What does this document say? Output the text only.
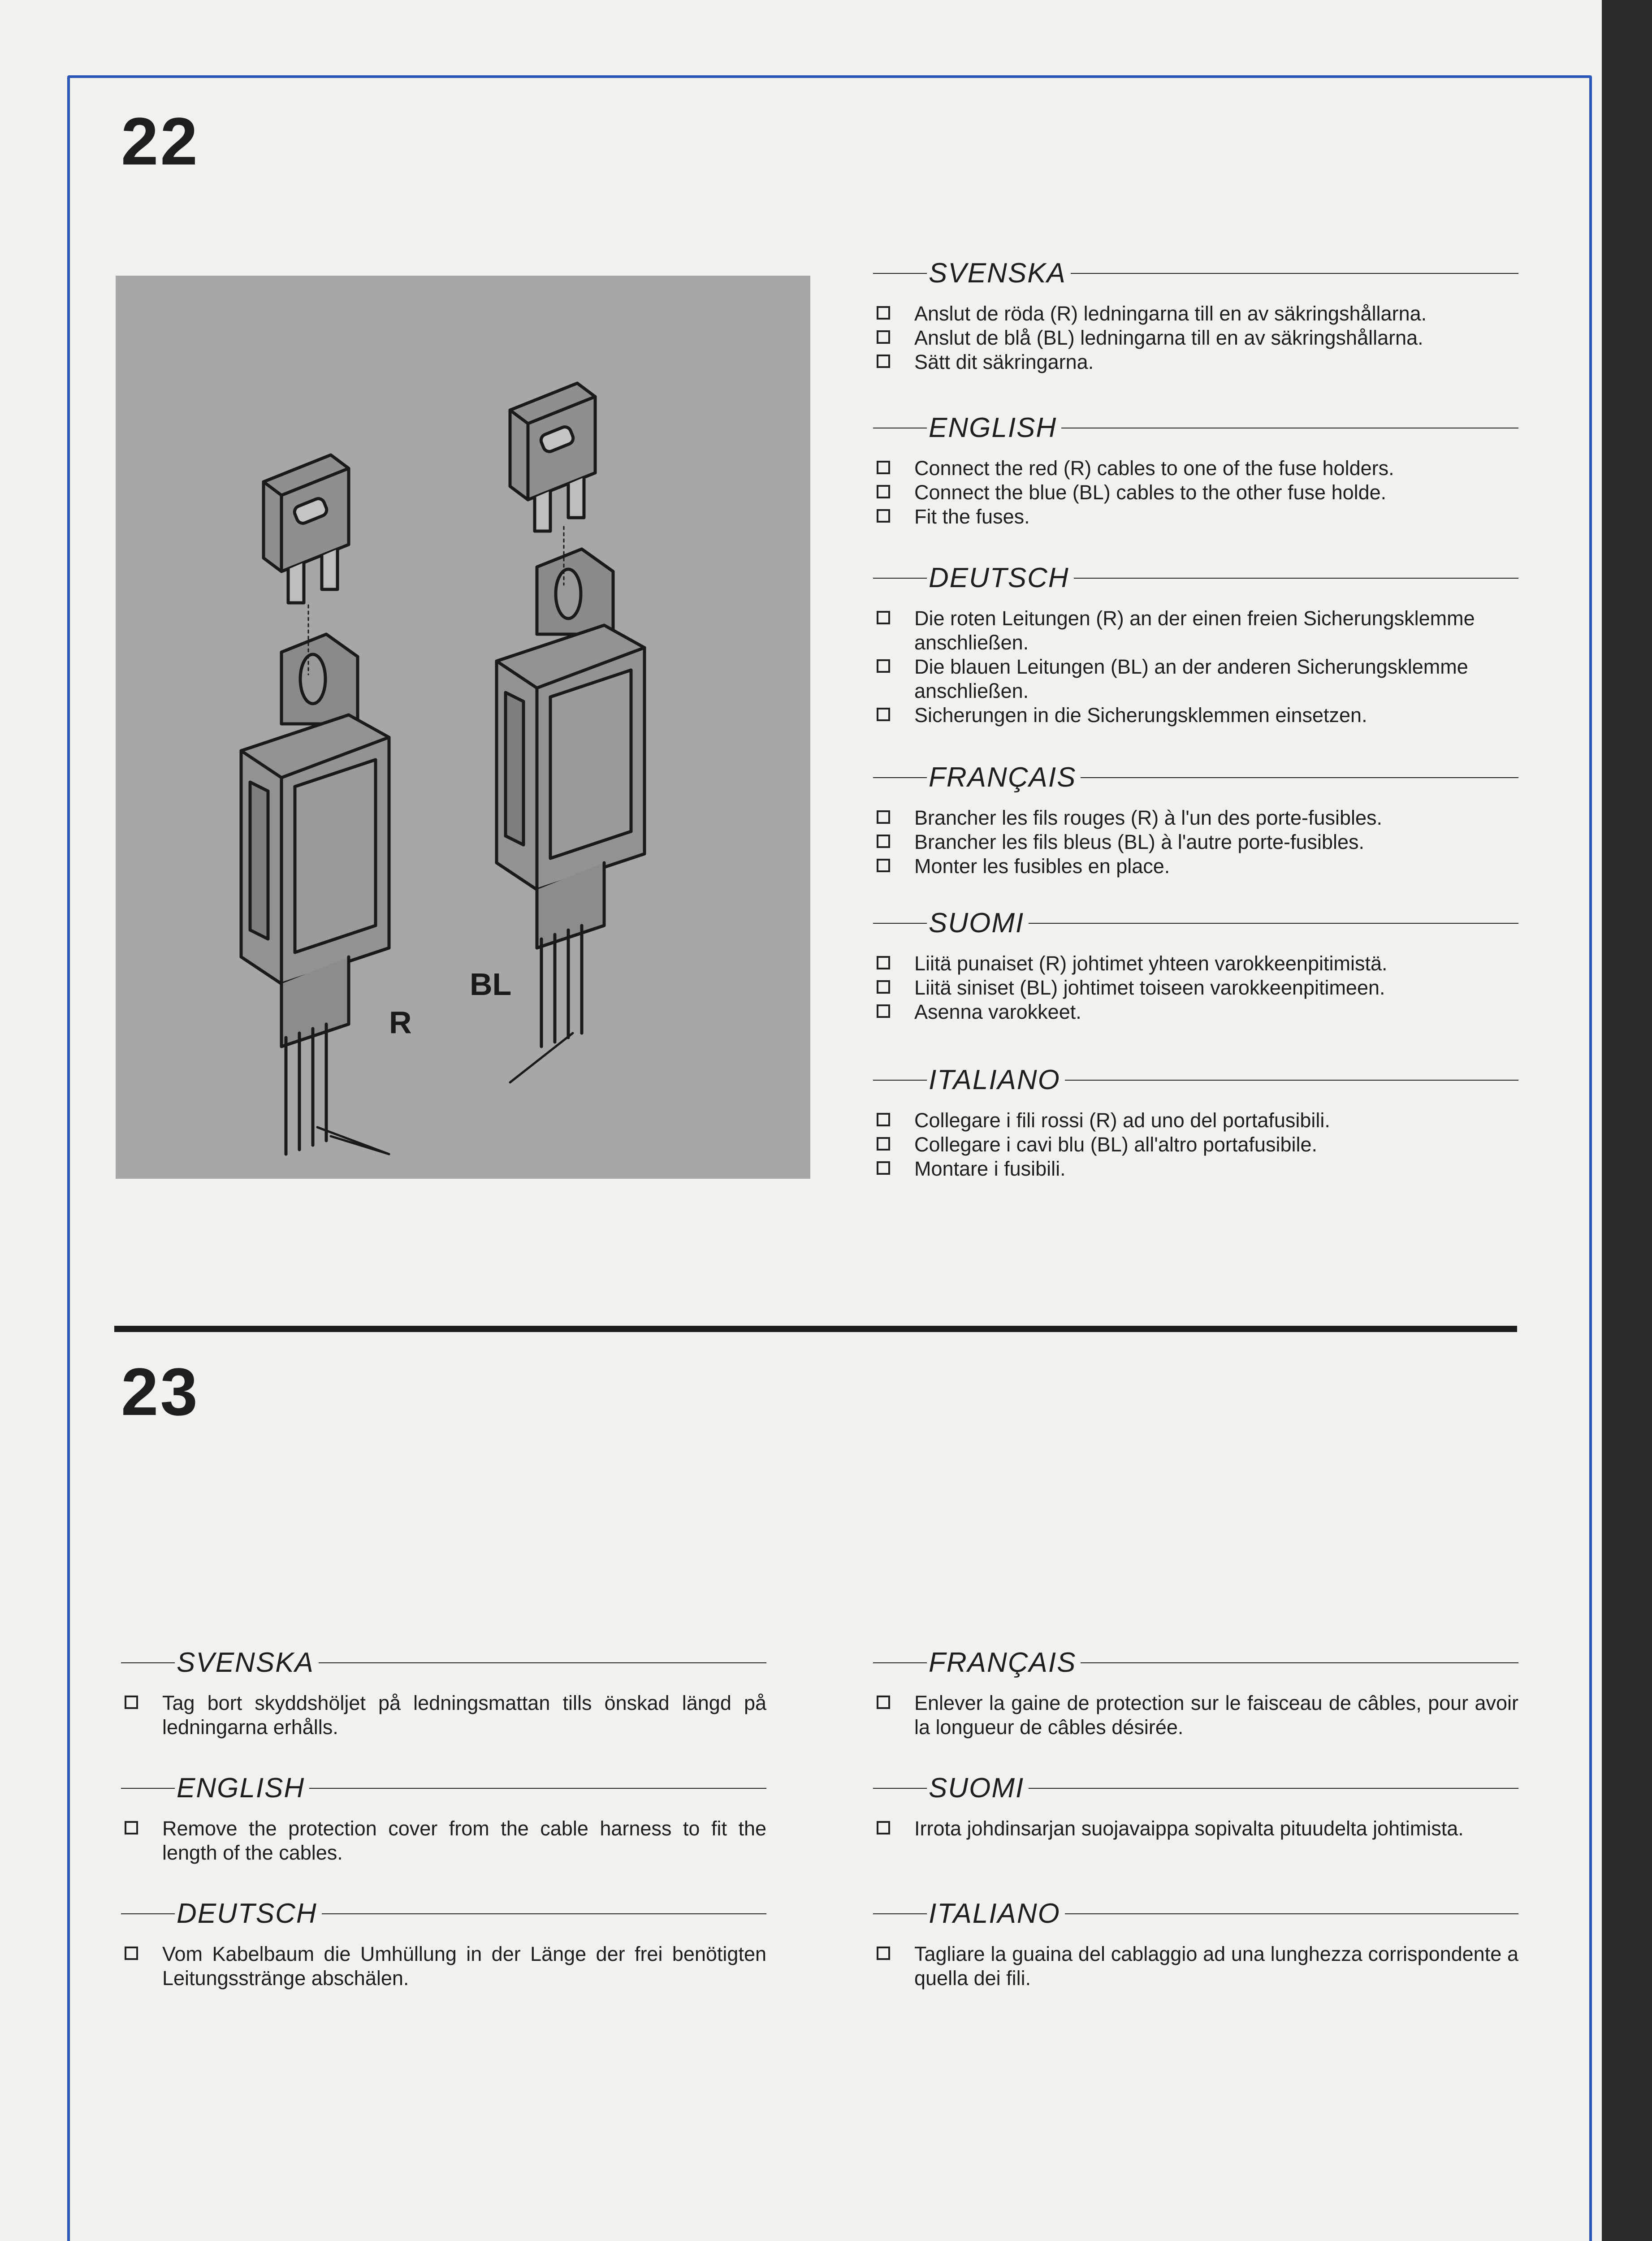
22
BL
R
SVENSKA
Anslut de röda (R) ledningarna till en av säkringshållarna.
Anslut de blå (BL) ledningarna till en av säkringshållarna.
Sätt dit säkringarna.
ENGLISH
Connect the red (R) cables to one of the fuse holders.
Connect the blue (BL) cables to the other fuse holde.
Fit the fuses.
DEUTSCH
Die roten Leitungen (R) an der einen freien Sicherungsklemme anschließen.
Die blauen Leitungen (BL) an der anderen Sicherungsklemme anschließen.
Sicherungen in die Sicherungsklemmen einsetzen.
FRANÇAIS
Brancher les fils rouges (R) à l'un des porte-fusibles.
Brancher les fils bleus (BL) à l'autre porte-fusibles.
Monter les fusibles en place.
SUOMI
Liitä punaiset (R) johtimet yhteen varokkeenpitimistä.
Liitä siniset (BL) johtimet toiseen varokkeenpitimeen.
Asenna varokkeet.
ITALIANO
Collegare i fili rossi (R) ad uno del portafusibili.
Collegare i cavi blu (BL) all'altro portafusibile.
Montare i fusibili.
23
SVENSKA
Tag bort skyddshöljet på ledningsmattan tills önskad längd på ledningarna erhålls.
ENGLISH
Remove the protection cover from the cable harness to fit the length of the cables.
DEUTSCH
Vom Kabelbaum die Umhüllung in der Länge der frei benötigten Leitungsstränge abschälen.
FRANÇAIS
Enlever la gaine de protection sur le faisceau de câbles, pour avoir la longueur de câbles désirée.
SUOMI
Irrota johdinsarjan suojavaippa sopivalta pituudelta johtimista.
ITALIANO
Tagliare la guaina del cablaggio ad una lunghezza corrispondente a quella dei fili.
